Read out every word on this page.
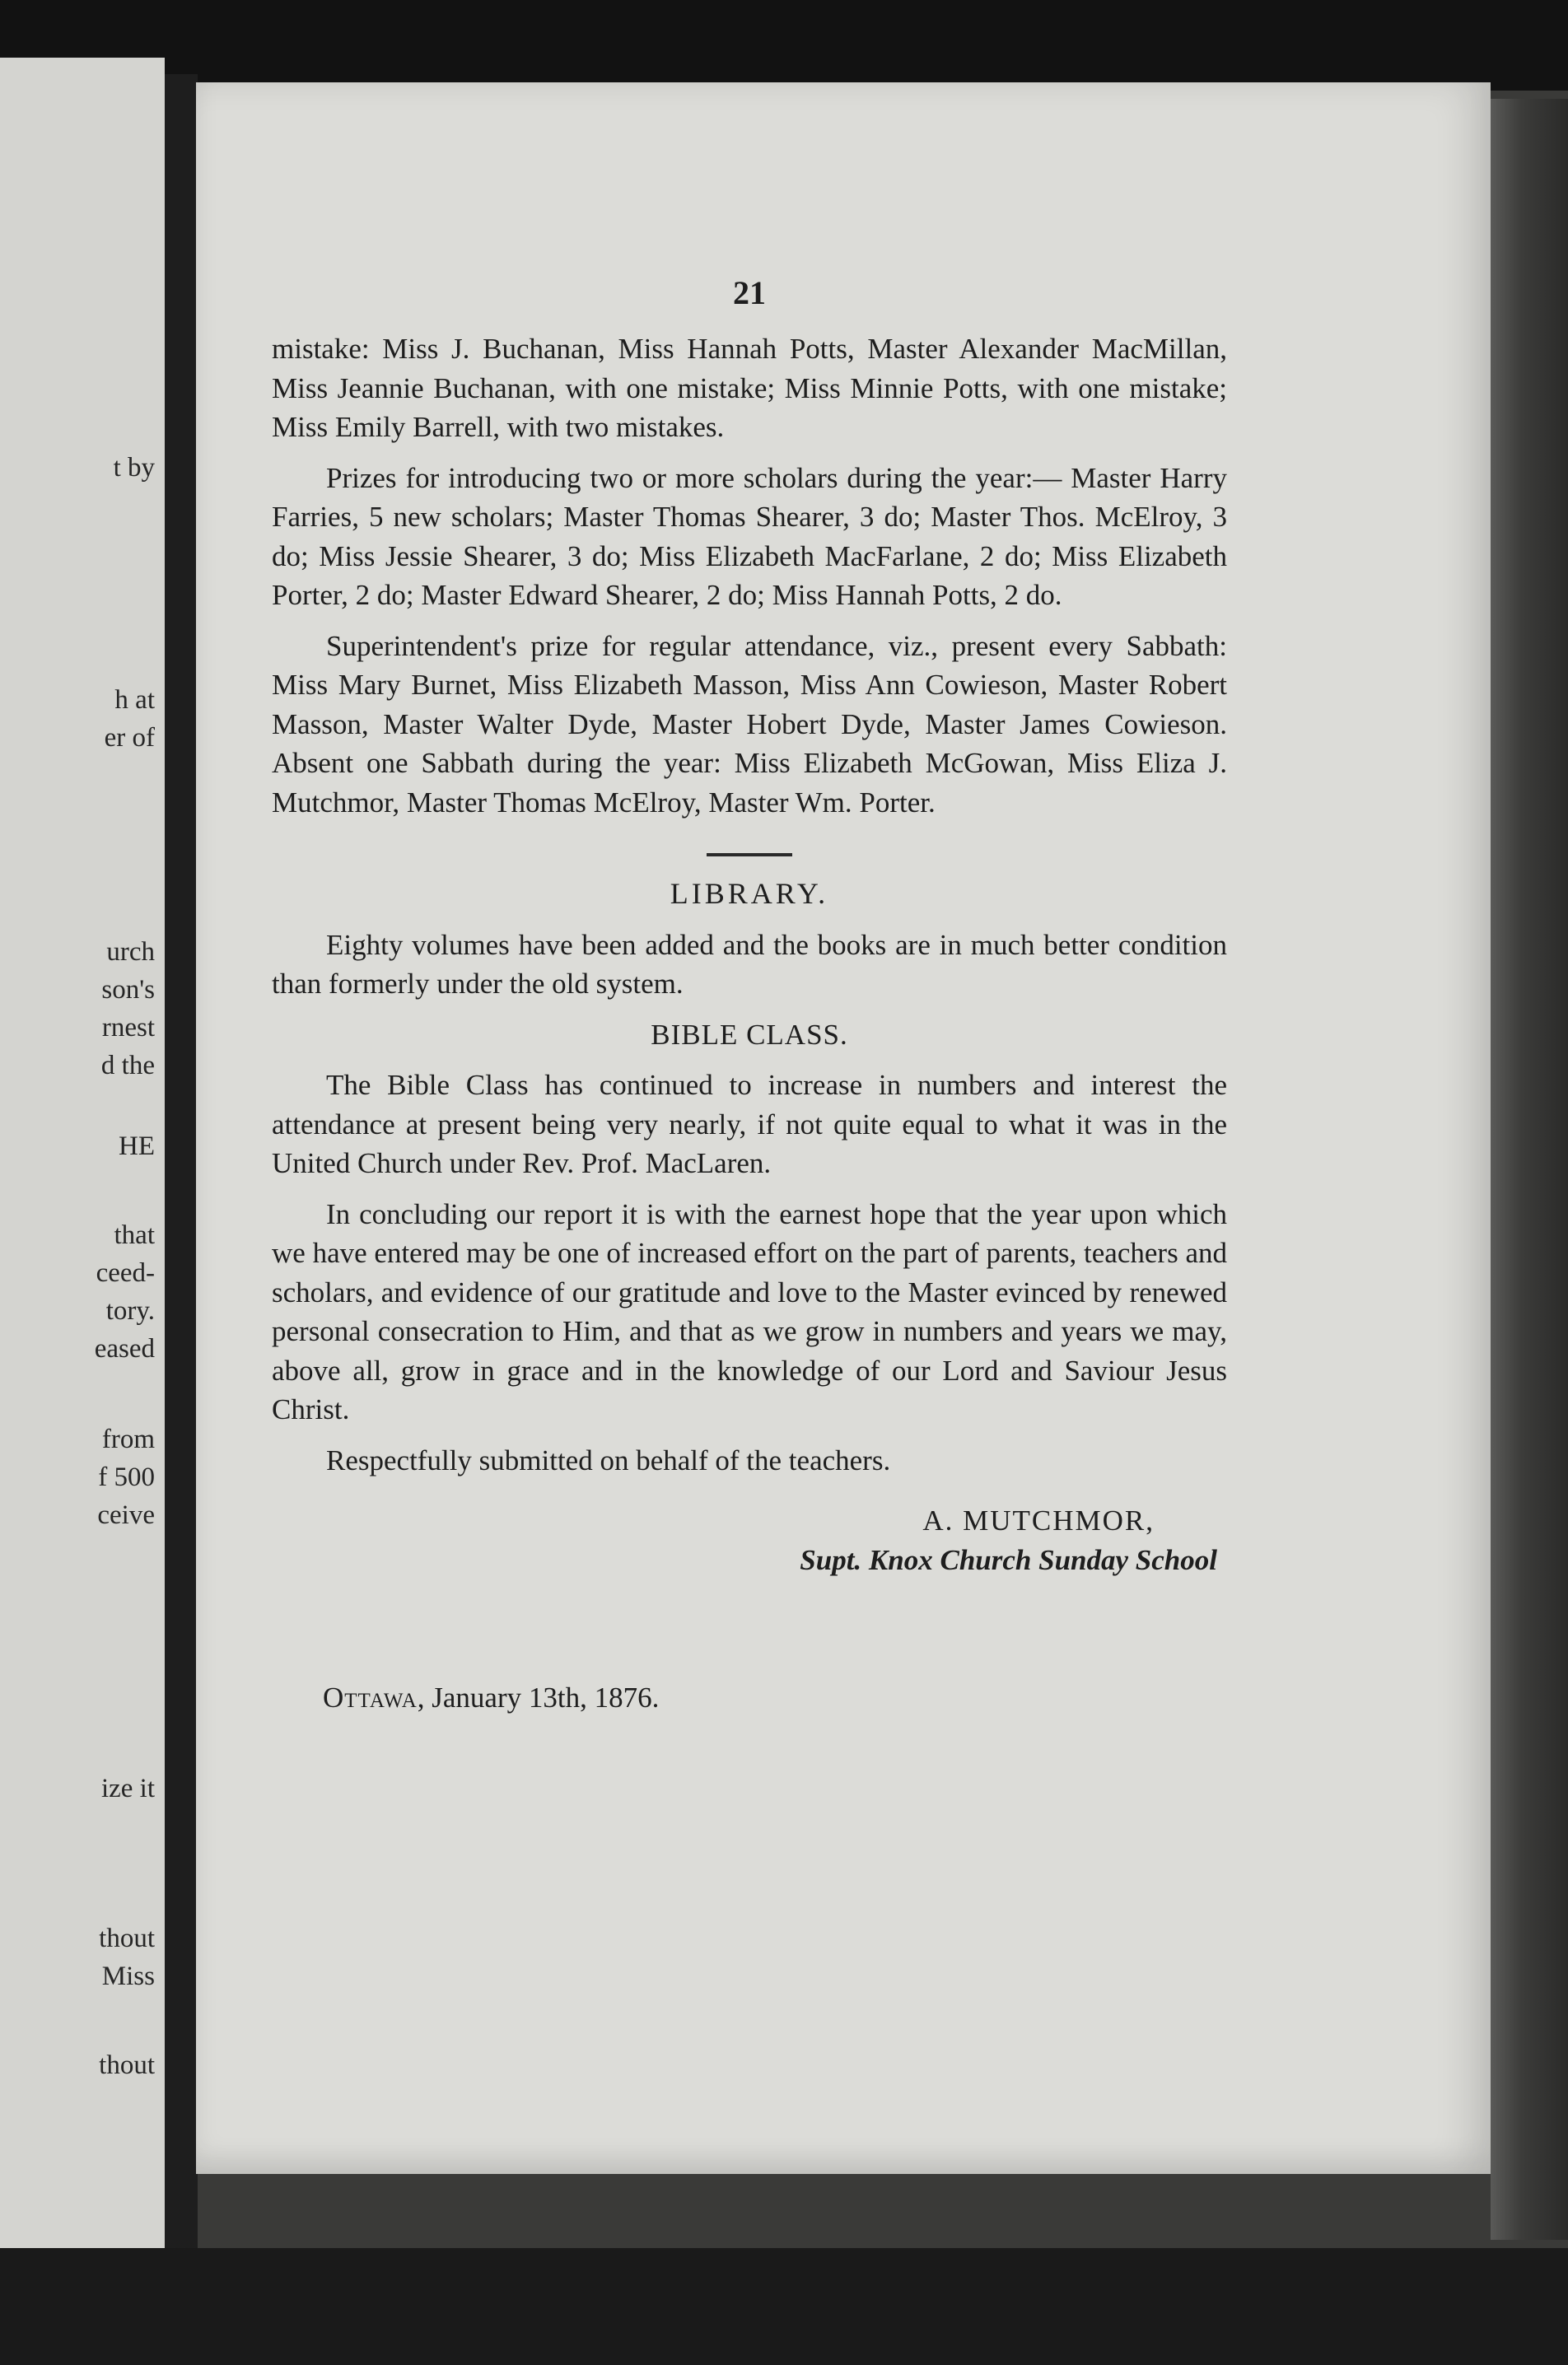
t by
h at
er of
urch
son's
rnest
d the
HE
that
ceed-
tory.
eased
from
f 500
ceive
ize it
thout
Miss
thout
21

mistake: Miss J. Buchanan, Miss Hannah Potts, Master Alexander MacMillan, Miss Jeannie Buchanan, with one mistake; Miss Minnie Potts, with one mistake; Miss Emily Barrell, with two mistakes.

Prizes for introducing two or more scholars during the year:— Master Harry Farries, 5 new scholars; Master Thomas Shearer, 3 do; Master Thos. McElroy, 3 do; Miss Jessie Shearer, 3 do; Miss Elizabeth MacFarlane, 2 do; Miss Elizabeth Porter, 2 do; Master Edward Shearer, 2 do; Miss Hannah Potts, 2 do.

Superintendent's prize for regular attendance, viz., present every Sabbath: Miss Mary Burnet, Miss Elizabeth Masson, Miss Ann Cowieson, Master Robert Masson, Master Walter Dyde, Master Hobert Dyde, Master James Cowieson. Absent one Sabbath during the year: Miss Elizabeth McGowan, Miss Eliza J. Mutchmor, Master Thomas McElroy, Master Wm. Porter.

LIBRARY.

Eighty volumes have been added and the books are in much better condition than formerly under the old system.

BIBLE CLASS.

The Bible Class has continued to increase in numbers and interest the attendance at present being very nearly, if not quite equal to what it was in the United Church under Rev. Prof. MacLaren.

In concluding our report it is with the earnest hope that the year upon which we have entered may be one of increased effort on the part of parents, teachers and scholars, and evidence of our gratitude and love to the Master evinced by renewed personal consecration to Him, and that as we grow in numbers and years we may, above all, grow in grace and in the knowledge of our Lord and Saviour Jesus Christ.

Respectfully submitted on behalf of the teachers.

A. MUTCHMOR,

Supt. Knox Church Sunday School

Ottawa, January 13th, 1876.
